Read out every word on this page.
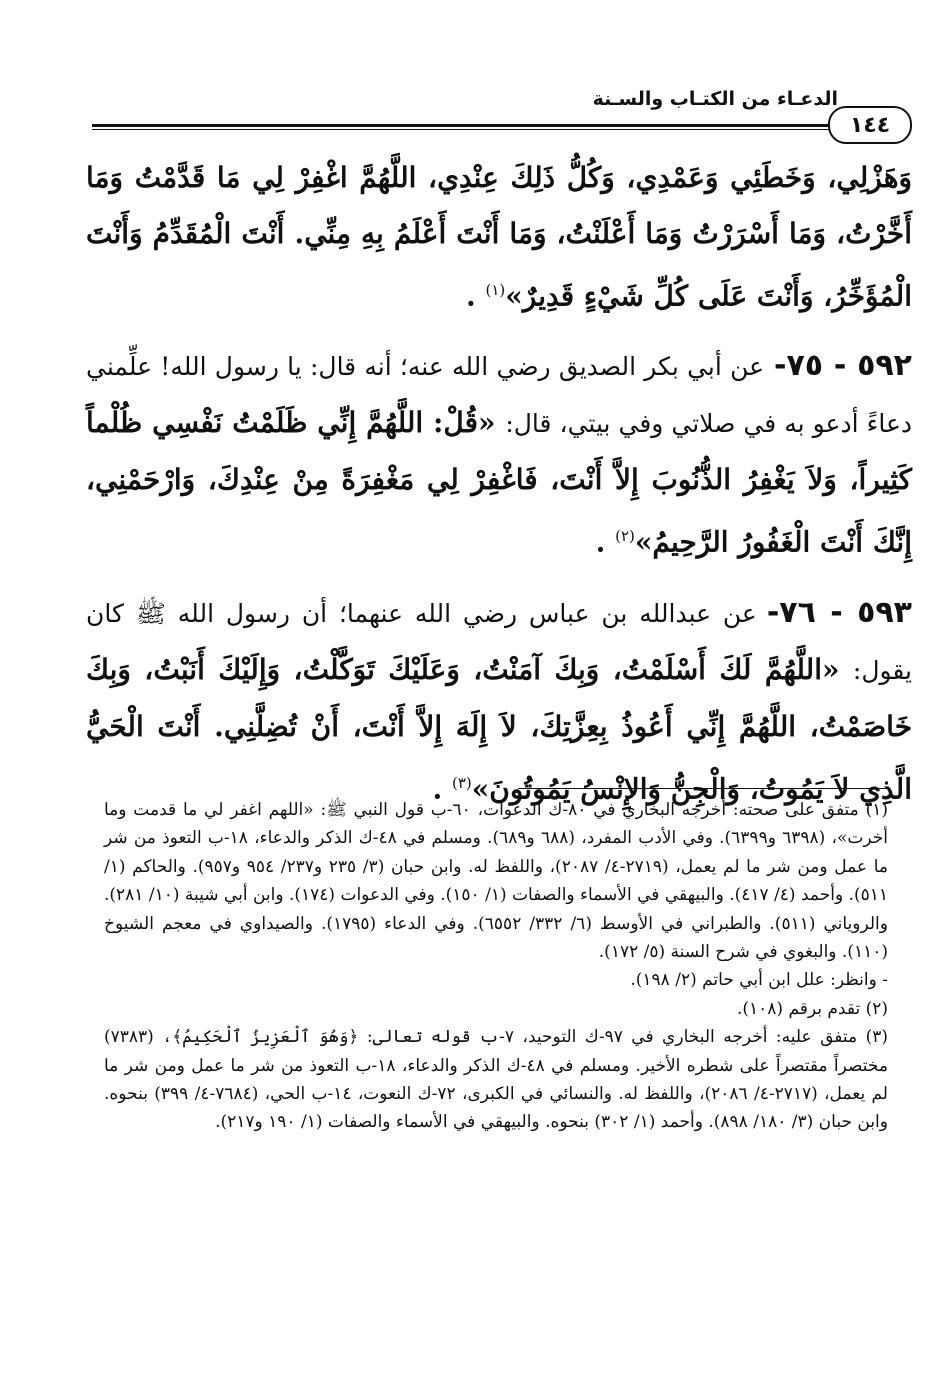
الدعـاء من الكتـاب والسـنة
١٤٤

وَهَزْلِي، وَخَطَئِي وَعَمْدِي، وَكُلُّ ذَلِكَ عِنْدِي، اللَّهُمَّ اغْفِرْ لِي مَا قَدَّمْتُ وَمَا أَخَّرْتُ، وَمَا أَسْرَرْتُ وَمَا أَعْلَنْتُ، وَمَا أَنْتَ أَعْلَمُ بِهِ مِنِّي. أَنْتَ الْمُقَدِّمُ وَأَنْتَ الْمُؤَخِّرُ، وَأَنْتَ عَلَى كُلِّ شَيْءٍ قَدِيرٌ»$^{(١)}$ .

٥٩٢ - ٧٥-عن أبي بكر الصديق رضي الله عنه؛ أنه قال: يا رسول الله! علِّمني دعاءً أدعو به في صلاتي وفي بيتي، قال: «قُلْ: اللَّهُمَّ إِنِّي ظَلَمْتُ نَفْسِي ظُلْماً كَثِيراً، وَلاَ يَغْفِرُ الذُّنُوبَ إِلاَّ أَنْتَ، فَاغْفِرْ لِي مَغْفِرَةً مِنْ عِنْدِكَ، وَارْحَمْنِي، إِنَّكَ أَنْتَ الْغَفُورُ الرَّحِيمُ»$^{(٢)}$ .

٥٩٣ - ٧٦-عن عبدالله بن عباس رضي الله عنهما؛ أن رسول الله ﷺ كان يقول: «اللَّهُمَّ لَكَ أَسْلَمْتُ، وَبِكَ آمَنْتُ، وَعَلَيْكَ تَوَكَّلْتُ، وَإِلَيْكَ أَنَبْتُ، وَبِكَ خَاصَمْتُ، اللَّهُمَّ إِنِّي أَعُوذُ بِعِزَّتِكَ، لاَ إِلَهَ إِلاَّ أَنْتَ، أَنْ تُضِلَّنِي. أَنْتَ الْحَيُّ الَّذِي لاَ يَمُوتُ، وَالْجِنُّ وَالإِنْسُ يَمُوتُونَ»$^{(٣)}$ .

(١) متفق على صحته: أخرجه البخاري في ٨٠-ك الدعوات، ٦٠-ب قول النبي ﷺ: «اللهم اغفر لي ما قدمت وما أخرت»، (٦٣٩٨ و٦٣٩٩). وفي الأدب المفرد، (٦٨٨ و٦٨٩). ومسلم في ٤٨-ك الذكر والدعاء، ١٨-ب التعوذ من شر ما عمل ومن شر ما لم يعمل، (٢٧١٩-٤/ ٢٠٨٧)، واللفظ له. وابن حبان (٣/ ٢٣٥ و٢٣٧/ ٩٥٤ و٩٥٧). والحاكم (١/ ٥١١). وأحمد (٤/ ٤١٧). والبيهقي في الأسماء والصفات (١/ ١٥٠). وفي الدعوات (١٧٤). وابن أبي شيبة (١٠/ ٢٨١). والروياني (٥١١). والطبراني في الأوسط (٦/ ٣٣٢/ ٦٥٥٢). وفي الدعاء (١٧٩٥). والصيداوي في معجم الشيوخ (١١٠). والبغوي في شرح السنة (٥/ ١٧٢).

- وانظر: علل ابن أبي حاتم (٢/ ١٩٨).

(٢) تقدم برقم (١٠٨).

(٣) متفق عليه: أخرجه البخاري في ٩٧-ك التوحيد، ٧-ب قوله تعالى: ﴿وَهُوَ ٱلْعَزِيزُ ٱلْحَكِيمُ﴾، (٧٣٨٣) مختصراً مقتصراً على شطره الأخير. ومسلم في ٤٨-ك الذكر والدعاء، ١٨-ب التعوذ من شر ما عمل ومن شر ما لم يعمل، (٢٧١٧-٤/ ٢٠٨٦)، واللفظ له. والنسائي في الكبرى، ٧٢-ك النعوت، ١٤-ب الحي، (٧٦٨٤-٤/ ٣٩٩) بنحوه. وابن حبان (٣/ ١٨٠/ ٨٩٨). وأحمد (١/ ٣٠٢) بنحوه. والبيهقي في الأسماء والصفات (١/ ١٩٠ و٢١٧).
